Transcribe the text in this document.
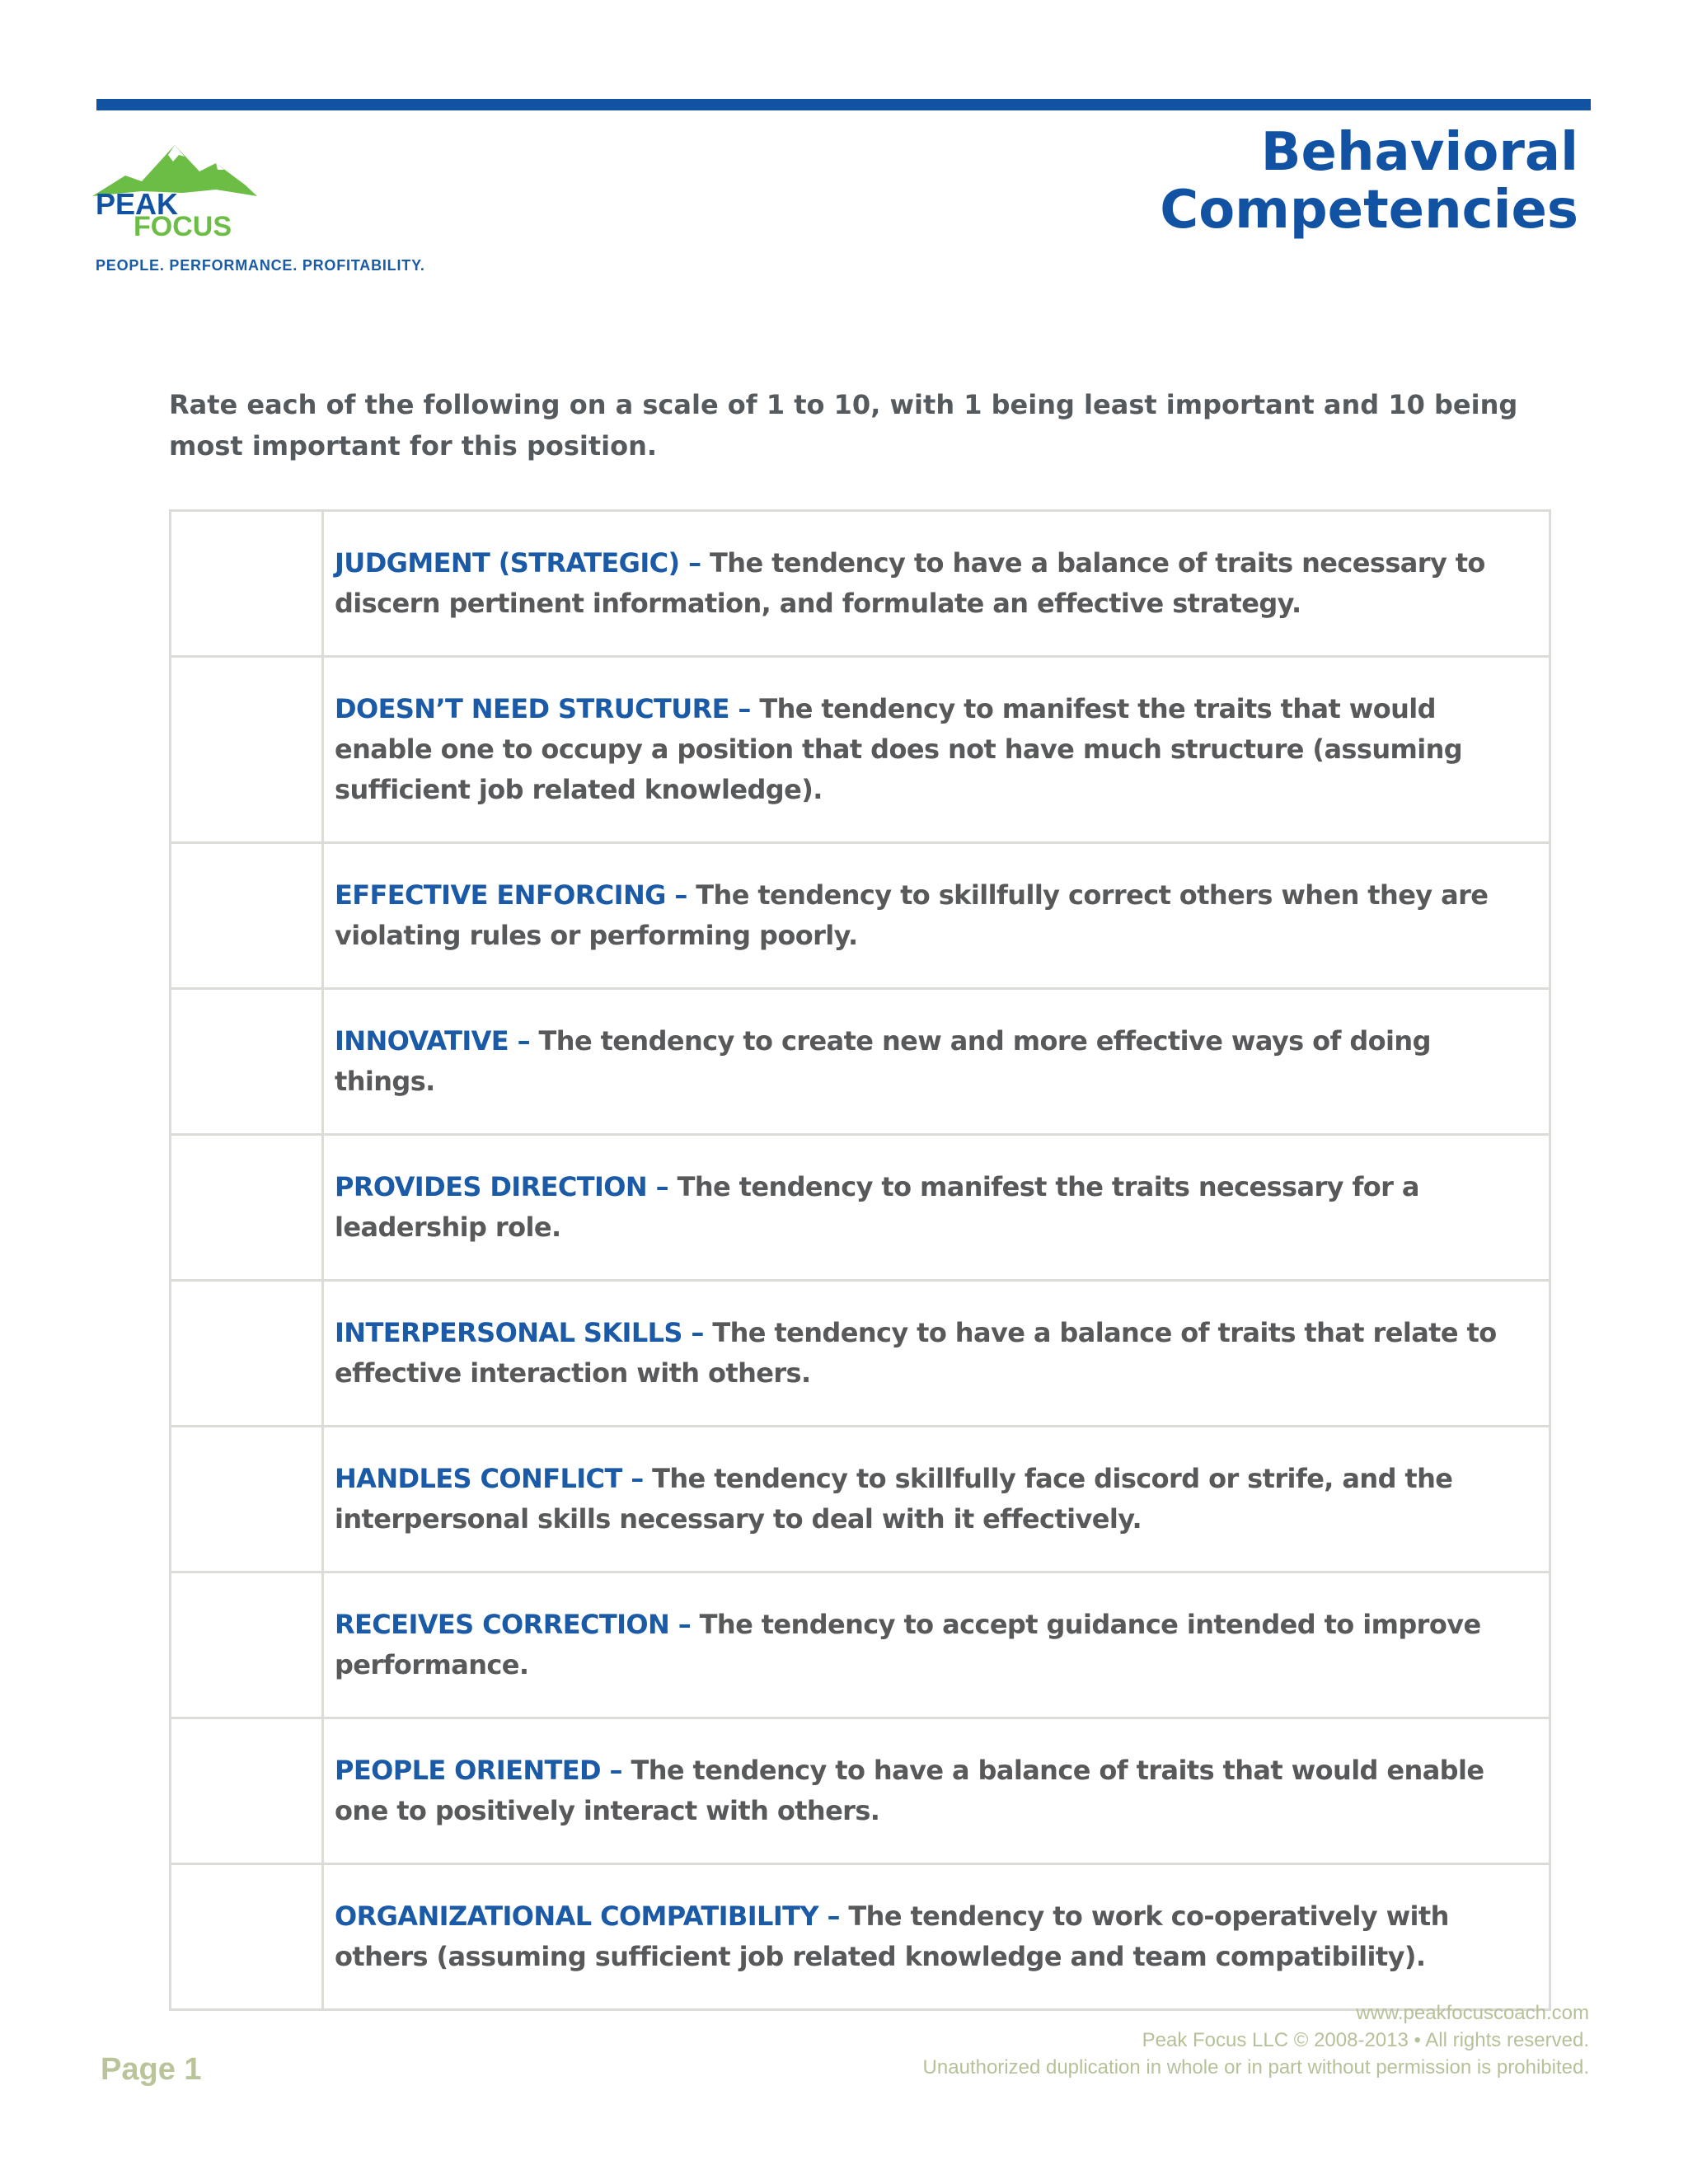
PEAK
FOCUS
PEOPLE. PERFORMANCE. PROFITABILITY.
Behavioral
Competencies
Rate each of the following on a scale of 1 to 10, with 1 being least important and 10 being most important for this position.
	JUDGMENT (STRATEGIC) – The tendency to have a balance of traits necessary to discern pertinent information, and formulate an effective strategy.
	DOESN’T NEED STRUCTURE – The tendency to manifest the traits that would enable one to occupy a position that does not have much structure (assuming sufficient job related knowledge).
	EFFECTIVE ENFORCING – The tendency to skillfully correct others when they are violating rules or performing poorly.
	INNOVATIVE – The tendency to create new and more effective ways of doing things.
	PROVIDES DIRECTION – The tendency to manifest the traits necessary for a leadership role.
	INTERPERSONAL SKILLS – The tendency to have a balance of traits that relate to effective interaction with others.
	HANDLES CONFLICT – The tendency to skillfully face discord or strife, and the interpersonal skills necessary to deal with it effectively.
	RECEIVES CORRECTION – The tendency to accept guidance intended to improve performance.
	PEOPLE ORIENTED – The tendency to have a balance of traits that would enable one to positively interact with others.
	ORGANIZATIONAL COMPATIBILITY – The tendency to work co-operatively with others (assuming sufficient job related knowledge and team compatibility).
Page 1
www.peakfocuscoach.com
Peak Focus LLC © 2008-2013 • All rights reserved.
Unauthorized duplication in whole or in part without permission is prohibited.
